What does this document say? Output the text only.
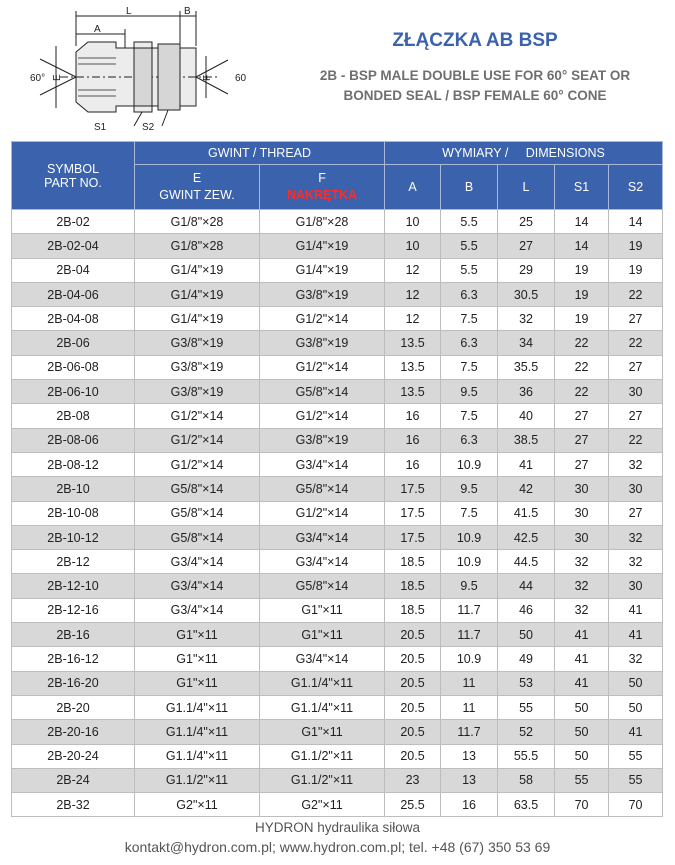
L	B
A
E	F
S1	S2
60°	60
ZŁĄCZKA AB BSP
2B - BSP MALE DOUBLE USE FOR 60° SEAT OR
BONDED SEAL / BSP FEMALE 60° CONE
SYMBOL
PART NO.	GWINT / THREAD		WYMIARY /     DIMENSIONS				
	E
GWINT ZEW.	F
NAKRĘTKA	A	B	L	S1	S2
2B-02	G1/8"×28	G1/8"×28	10	5.5	25	14	14
2B-02-04	G1/8"×28	G1/4"×19	10	5.5	27	14	19
2B-04	G1/4"×19	G1/4"×19	12	5.5	29	19	19
2B-04-06	G1/4"×19	G3/8"×19	12	6.3	30.5	19	22
2B-04-08	G1/4"×19	G1/2"×14	12	7.5	32	19	27
2B-06	G3/8"×19	G3/8"×19	13.5	6.3	34	22	22
2B-06-08	G3/8"×19	G1/2"×14	13.5	7.5	35.5	22	27
2B-06-10	G3/8"×19	G5/8"×14	13.5	9.5	36	22	30
2B-08	G1/2"×14	G1/2"×14	16	7.5	40	27	27
2B-08-06	G1/2"×14	G3/8"×19	16	6.3	38.5	27	22
2B-08-12	G1/2"×14	G3/4"×14	16	10.9	41	27	32
2B-10	G5/8"×14	G5/8"×14	17.5	9.5	42	30	30
2B-10-08	G5/8"×14	G1/2"×14	17.5	7.5	41.5	30	27
2B-10-12	G5/8"×14	G3/4"×14	17.5	10.9	42.5	30	32
2B-12	G3/4"×14	G3/4"×14	18.5	10.9	44.5	32	32
2B-12-10	G3/4"×14	G5/8"×14	18.5	9.5	44	32	30
2B-12-16	G3/4"×14	G1"×11	18.5	11.7	46	32	41
2B-16	G1"×11	G1"×11	20.5	11.7	50	41	41
2B-16-12	G1"×11	G3/4"×14	20.5	10.9	49	41	32
2B-16-20	G1"×11	G1.1/4"×11	20.5	11	53	41	50
2B-20	G1.1/4"×11	G1.1/4"×11	20.5	11	55	50	50
2B-20-16	G1.1/4"×11	G1"×11	20.5	11.7	52	50	41
2B-20-24	G1.1/4"×11	G1.1/2"×11	20.5	13	55.5	50	55
2B-24	G1.1/2"×11	G1.1/2"×11	23	13	58	55	55
2B-32	G2"×11	G2"×11	25.5	16	63.5	70	70
HYDRON hydraulika siłowa
kontakt@hydron.com.pl; www.hydron.com.pl; tel. +48 (67) 350 53 69
